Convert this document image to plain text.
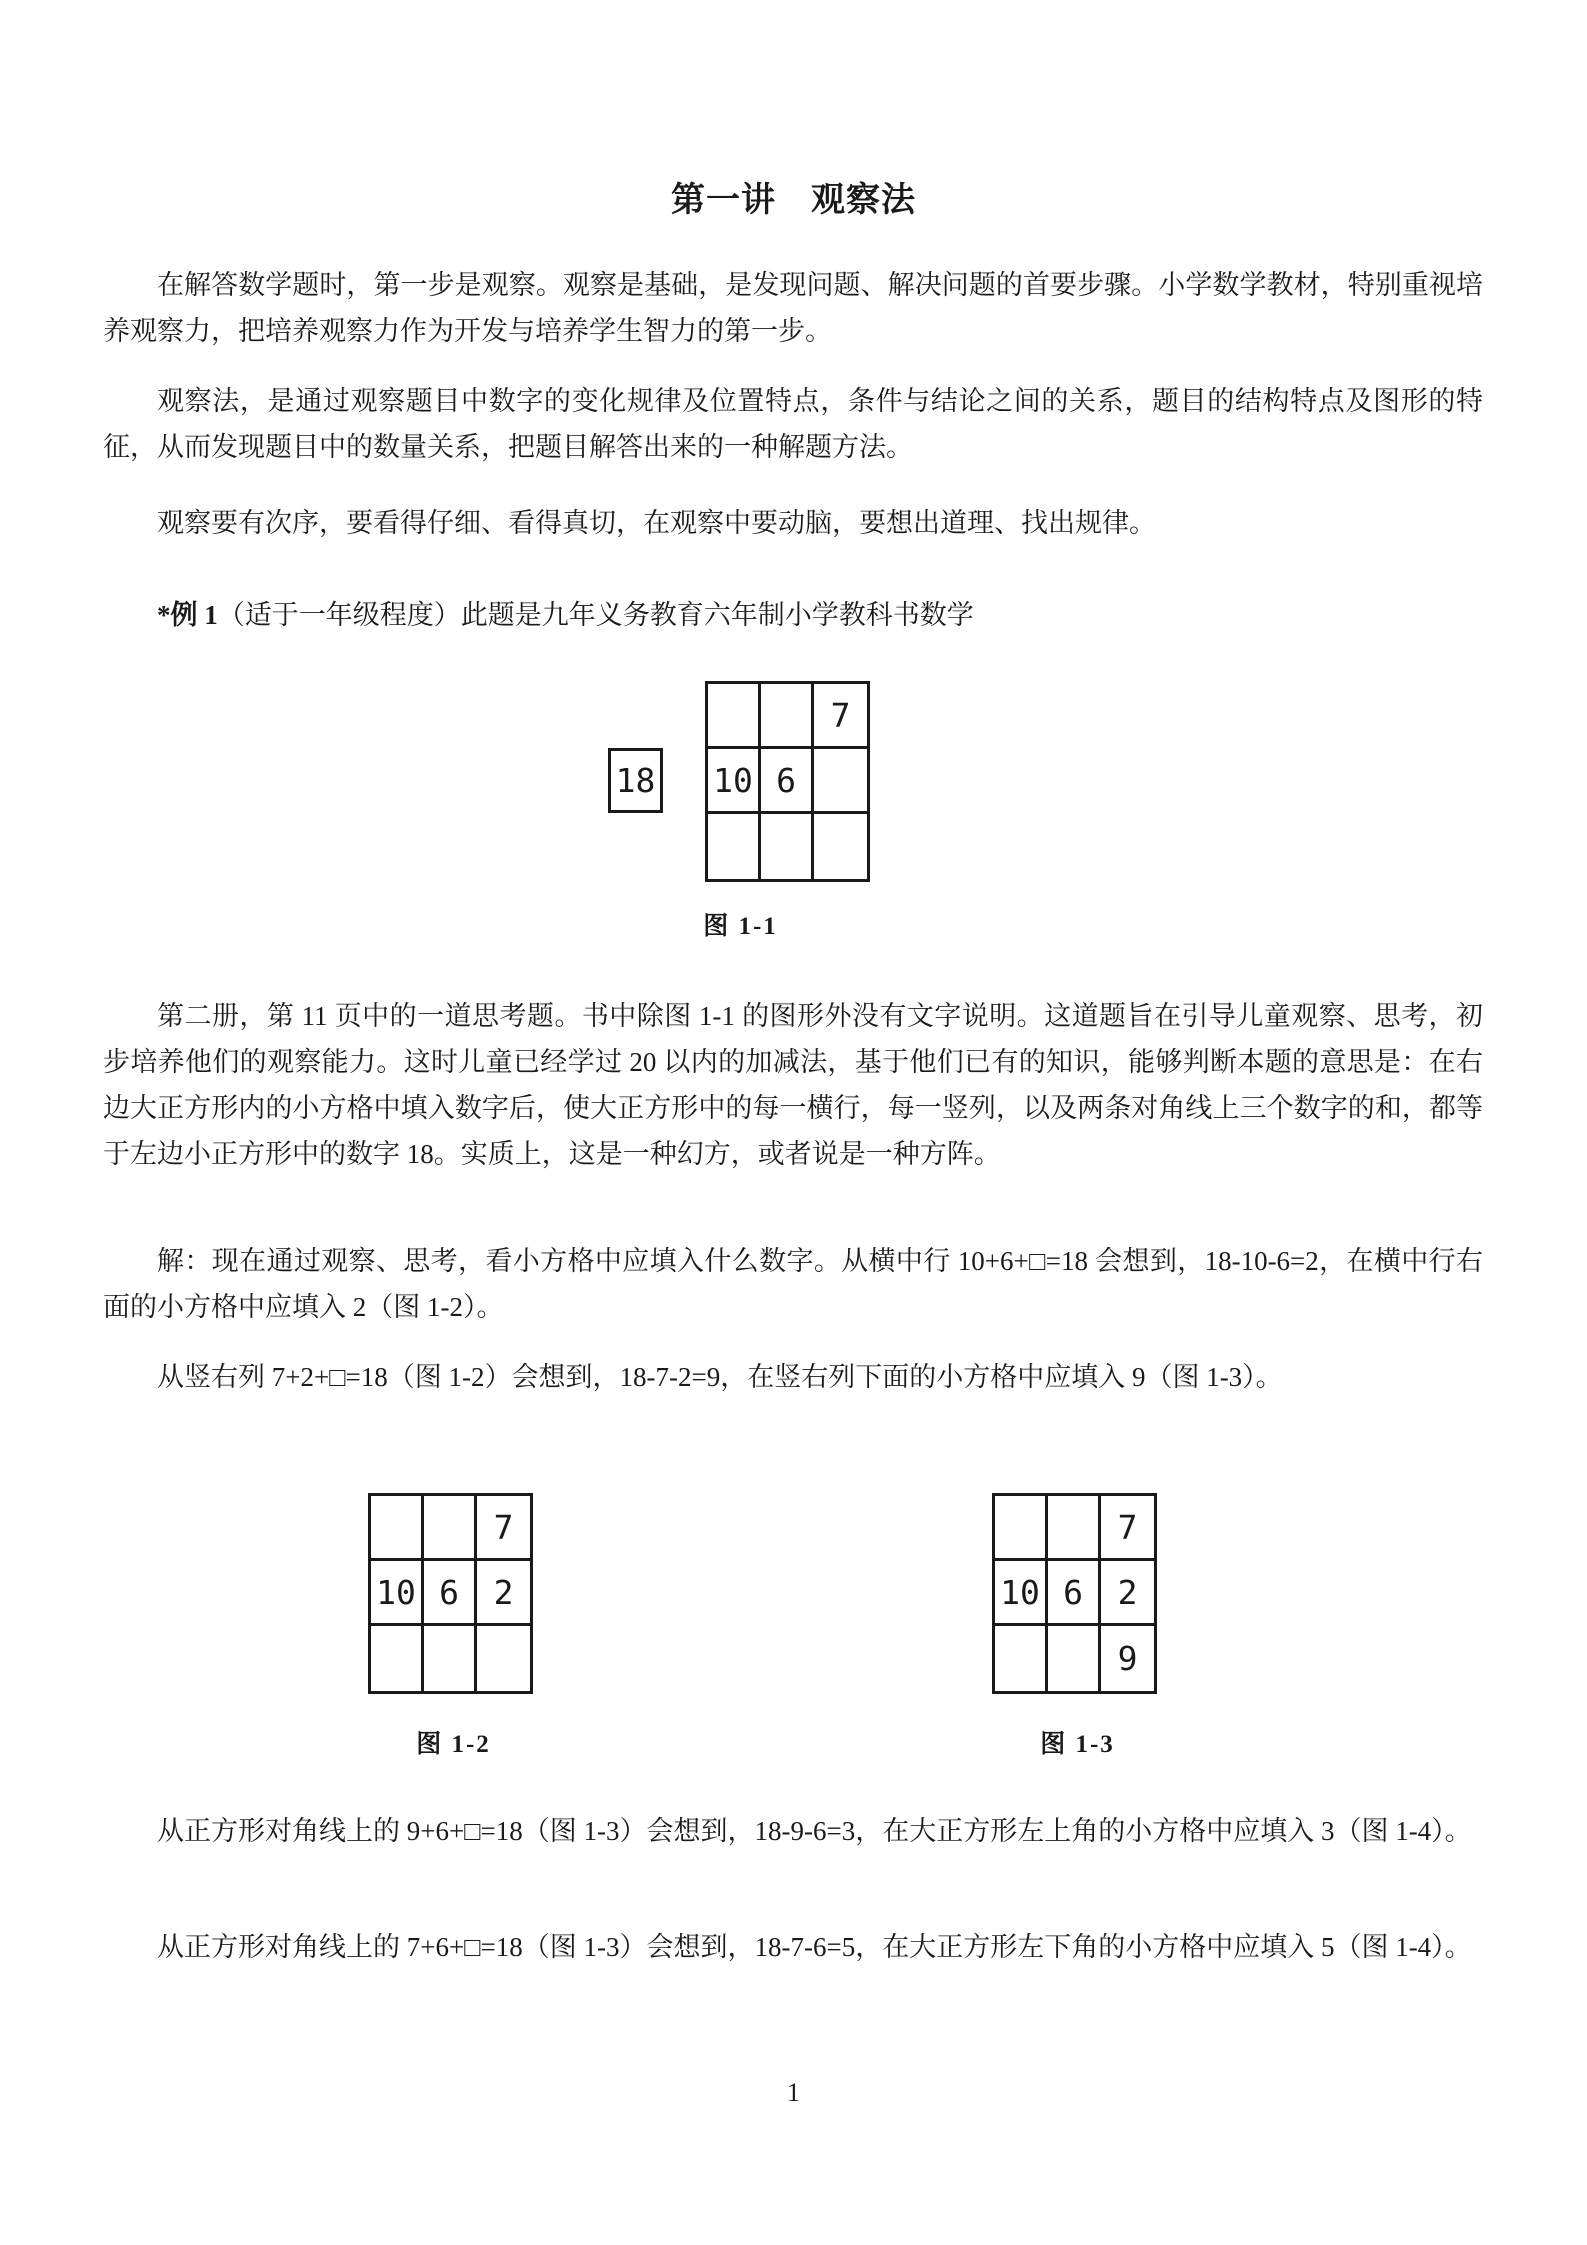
第一讲　观察法
在解答数学题时，第一步是观察。观察是基础，是发现问题、解决问题的首要步骤。小学数学教材，特别重视培养观察力，把培养观察力作为开发与培养学生智力的第一步。
观察法，是通过观察题目中数字的变化规律及位置特点，条件与结论之间的关系，题目的结构特点及图形的特征，从而发现题目中的数量关系，把题目解答出来的一种解题方法。
观察要有次序，要看得仔细、看得真切，在观察中要动脑，要想出道理、找出规律。
*例 1（适于一年级程度）此题是九年义务教育六年制小学教科书数学
18
7
10 6
图 1-1
第二册，第 11 页中的一道思考题。书中除图 1-1 的图形外没有文字说明。这道题旨在引导儿童观察、思考，初步培养他们的观察能力。这时儿童已经学过 20 以内的加减法，基于他们已有的知识，能够判断本题的意思是：在右边大正方形内的小方格中填入数字后，使大正方形中的每一横行，每一竖列，以及两条对角线上三个数字的和，都等于左边小正方形中的数字 18。实质上，这是一种幻方，或者说是一种方阵。
解：现在通过观察、思考，看小方格中应填入什么数字。从横中行 10+6+□=18 会想到，18-10-6=2，在横中行右面的小方格中应填入 2（图 1-2）。
从竖右列 7+2+□=18（图 1-2）会想到，18-7-2=9，在竖右列下面的小方格中应填入 9（图 1-3）。
7
10 6	2
图 1-2
7
10 6	2
9
图 1-3
从正方形对角线上的 9+6+□=18（图 1-3）会想到，18-9-6=3，在大正方形左上角的小方格中应填入 3（图 1-4）。
从正方形对角线上的 7+6+□=18（图 1-3）会想到，18-7-6=5，在大正方形左下角的小方格中应填入 5（图 1-4）。
1
